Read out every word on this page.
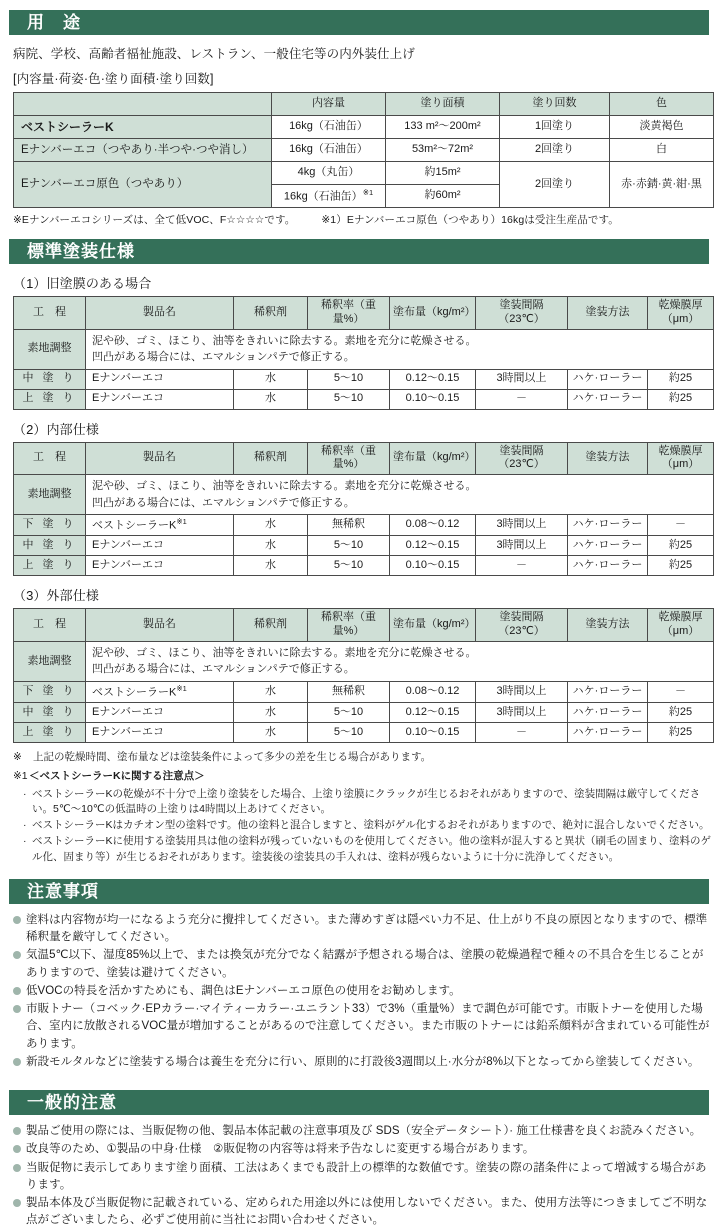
用　途
病院、学校、高齢者福祉施設、レストラン、一般住宅等の内外装仕上げ
[内容量·荷姿·色·塗り面積·塗り回数]
	内容量	塗り面積	塗り回数	色
ベストシーラーK	16kg（石油缶）	133 m²～200m²	1回塗り	淡黄褐色
Eナンバーエコ（つやあり·半つや·つや消し）	16kg（石油缶）	53m²～72m²	2回塗り	白
Eナンバーエコ原色（つやあり）	4kg（丸缶）	約15m²	2回塗り	赤·赤錆·黄·紺·黒
	16kg（石油缶）$^{※1}$	約60m²		
※Eナンバーエコシリーズは、全て低VOC、F☆☆☆☆です。 ※1）Eナンバーエコ原色（つやあり）16kgは受注生産品です。
標準塗装仕様
（1）旧塗膜のある場合
工　程	製品名	稀釈剤	稀釈率（重量%）	塗布量（kg/m²）	塗装間隔（23℃）	塗装方法	乾燥膜厚（μm）
素地調整	泥や砂、ゴミ、ほこり、油等をきれいに除去する。素地を充分に乾燥させる。
凹凸がある場合には、エマルションパテで修正する。						

中 塗 り	Eナンバーエコ	水	5～10	0.12～0.15	3時間以上	ハケ·ローラー	約25
上 塗 り	Eナンバーエコ	水	5～10	0.10～0.15	－	ハケ·ローラー	約25
（2）内部仕様
工　程	製品名	稀釈剤	稀釈率（重量%）	塗布量（kg/m²）	塗装間隔（23℃）	塗装方法	乾燥膜厚（μm）
素地調整	泥や砂、ゴミ、ほこり、油等をきれいに除去する。素地を充分に乾燥させる。
凹凸がある場合には、エマルションパテで修正する。						

下 塗 り	ベストシーラー$K^{※1}$	水	無稀釈	0.08～0.12	3時間以上	ハケ·ローラー	－
中 塗 り	Eナンバーエコ	水	5～10	0.12～0.15	3時間以上	ハケ·ローラー	約25
上 塗 り	Eナンバーエコ	水	5～10	0.10～0.15	－	ハケ·ローラー	約25
（3）外部仕様
工　程	製品名	稀釈剤	稀釈率（重量%）	塗布量（kg/m²）	塗装間隔（23℃）	塗装方法	乾燥膜厚（μm）
素地調整	泥や砂、ゴミ、ほこり、油等をきれいに除去する。素地を充分に乾燥させる。
凹凸がある場合には、エマルションパテで修正する。						

下 塗 り	ベストシーラー$K^{※1}$	水	無稀釈	0.08～0.12	3時間以上	ハケ·ローラー	－
中 塗 り	Eナンバーエコ	水	5～10	0.12～0.15	3時間以上	ハケ·ローラー	約25
上 塗 り	Eナンバーエコ	水	5～10	0.10～0.15	－	ハケ·ローラー	約25
※	上記の乾燥時間、塗布量などは塗装条件によって多少の差を生じる場合があります。
※1 ＜ベストシーラーKに関する注意点＞
· ベストシーラーKの乾燥が不十分で上塗り塗装をした場合、上塗り塗膜にクラックが生じるおそれがありますので、塗装間隔は厳守してください。5℃～10℃の低温時の上塗りは4時間以上あけてください。
· ベストシーラーKはカチオン型の塗料です。他の塗料と混合しますと、塗料がゲル化するおそれがありますので、絶対に混合しないでください。
· ベストシーラーKに使用する塗装用具は他の塗料が残っていないものを使用してください。他の塗料が混入すると異状（刷毛の固まり、塗料のゲル化、固まり等）が生じるおそれがあります。塗装後の塗装具の手入れは、塗料が残らないように十分に洗浄してください。
注意事項
塗料は内容物が均一になるよう充分に攪拌してください。また薄めすぎは隠ぺい力不足、仕上がり不良の原因となりますので、標準稀釈量を厳守してください。
気温5℃以下、湿度85%以上で、または換気が充分でなく結露が予想される場合は、塗膜の乾燥過程で種々の不具合を生じることがありますので、塗装は避けてください。
低VOCの特長を活かすためにも、調色はEナンバーエコ原色の使用をお勧めします。
市販トナー（コベック·EPカラー·マイティーカラー·ユニラント33）で3%（重量%）まで調色が可能です。市販トナーを使用した場合、室内に放散されるVOC量が増加することがあるので注意してください。また市販のトナーには鉛系顔料が含まれている可能性があります。
新設モルタルなどに塗装する場合は養生を充分に行い、原則的に打設後3週間以上·水分が8%以下となってから塗装してください。
一般的注意
製品ご使用の際には、当販促物の他、製品本体記載の注意事項及び SDS（安全データシート）· 施工仕様書を良くお読みください。
改良等のため、①製品の中身·仕様　②販促物の内容等は将来予告なしに変更する場合があります。
当販促物に表示してあります塗り面積、工法はあくまでも設計上の標準的な数値です。塗装の際の諸条件によって増減する場合があります。
製品本体及び当販促物に記載されている、定められた用途以外には使用しないでください。また、使用方法等につきましてご不明な点がございましたら、必ずご使用前に当社にお問い合わせください。
